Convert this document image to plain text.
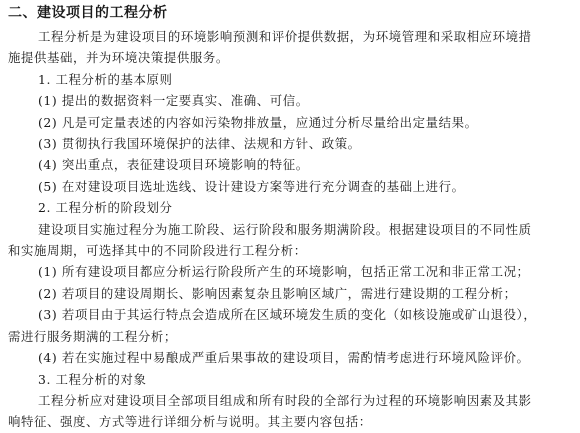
二、建设项目的工程分析
工程分析是为建设项目的环境影响预测和评价提供数据，为环境管理和采取相应环境措
施提供基础，并为环境决策提供服务。
1. 工程分析的基本原则
(1) 提出的数据资料一定要真实、准确、可信。
(2) 凡是可定量表述的内容如污染物排放量，应通过分析尽量给出定量结果。
(3) 贯彻执行我国环境保护的法律、法规和方针、政策。
(4) 突出重点，表征建设项目环境影响的特征。
(5) 在对建设项目选址选线、设计建设方案等进行充分调查的基础上进行。
2. 工程分析的阶段划分
建设项目实施过程分为施工阶段、运行阶段和服务期满阶段。根据建设项目的不同性质
和实施周期，可选择其中的不同阶段进行工程分析：
(1) 所有建设项目都应分析运行阶段所产生的环境影响，包括正常工况和非正常工况；
(2) 若项目的建设周期长、影响因素复杂且影响区域广，需进行建设期的工程分析；
(3) 若项目由于其运行特点会造成所在区域环境发生质的变化（如核设施或矿山退役），
需进行服务期满的工程分析；
(4) 若在实施过程中易酿成严重后果事故的建设项目，需酌情考虑进行环境风险评价。
3. 工程分析的对象
工程分析应对建设项目全部项目组成和所有时段的全部行为过程的环境影响因素及其影
响特征、强度、方式等进行详细分析与说明。其主要内容包括：
